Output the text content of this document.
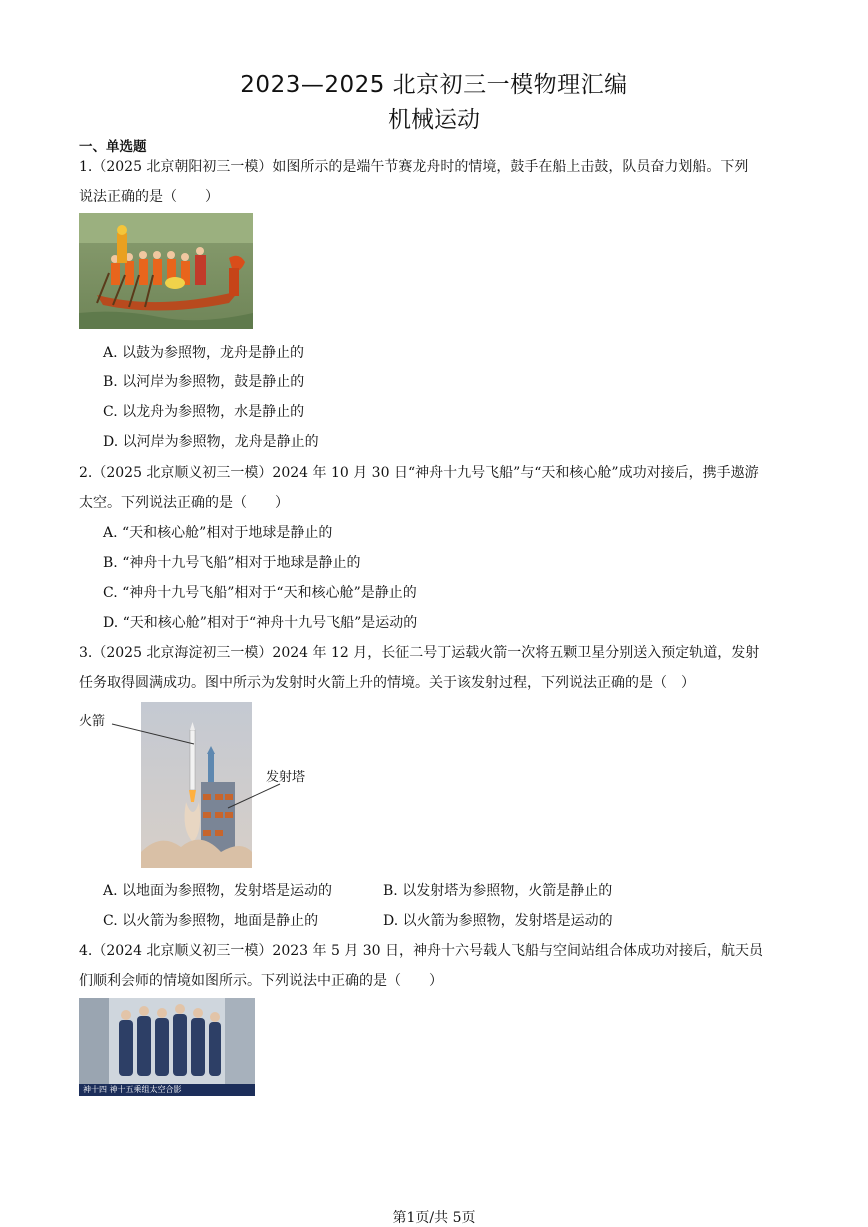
2023—2025 北京初三一模物理汇编
机械运动
一、单选题
1.（2025 北京朝阳初三一模）如图所示的是端午节赛龙舟时的情境，鼓手在船上击鼓，队员奋力划船。下列
说法正确的是（　　）
A. 以鼓为参照物，龙舟是静止的
B. 以河岸为参照物，鼓是静止的
C. 以龙舟为参照物，水是静止的
D. 以河岸为参照物，龙舟是静止的
2.（2025 北京顺义初三一模）2024 年 10 月 30 日“神舟十九号飞船”与“天和核心舱”成功对接后，携手遨游
太空。下列说法正确的是（　　）
A. “天和核心舱”相对于地球是静止的
B. “神舟十九号飞船”相对于地球是静止的
C. “神舟十九号飞船”相对于“天和核心舱”是静止的
D. “天和核心舱”相对于“神舟十九号飞船”是运动的
3.（2025 北京海淀初三一模）2024 年 12 月，长征二号丁运载火箭一次将五颗卫星分别送入预定轨道，发射
任务取得圆满成功。图中所示为发射时火箭上升的情境。关于该发射过程，下列说法正确的是（　）
火箭
发射塔
A. 以地面为参照物，发射塔是运动的	B. 以发射塔为参照物，火箭是静止的
C. 以火箭为参照物，地面是静止的	D. 以火箭为参照物，发射塔是运动的
4.（2024 北京顺义初三一模）2023 年 5 月 30 日，神舟十六号载人飞船与空间站组合体成功对接后，航天员
们顺利会师的情境如图所示。下列说法中正确的是（　　）
神十四 神十五乘组太空合影
第1页/共 5页
